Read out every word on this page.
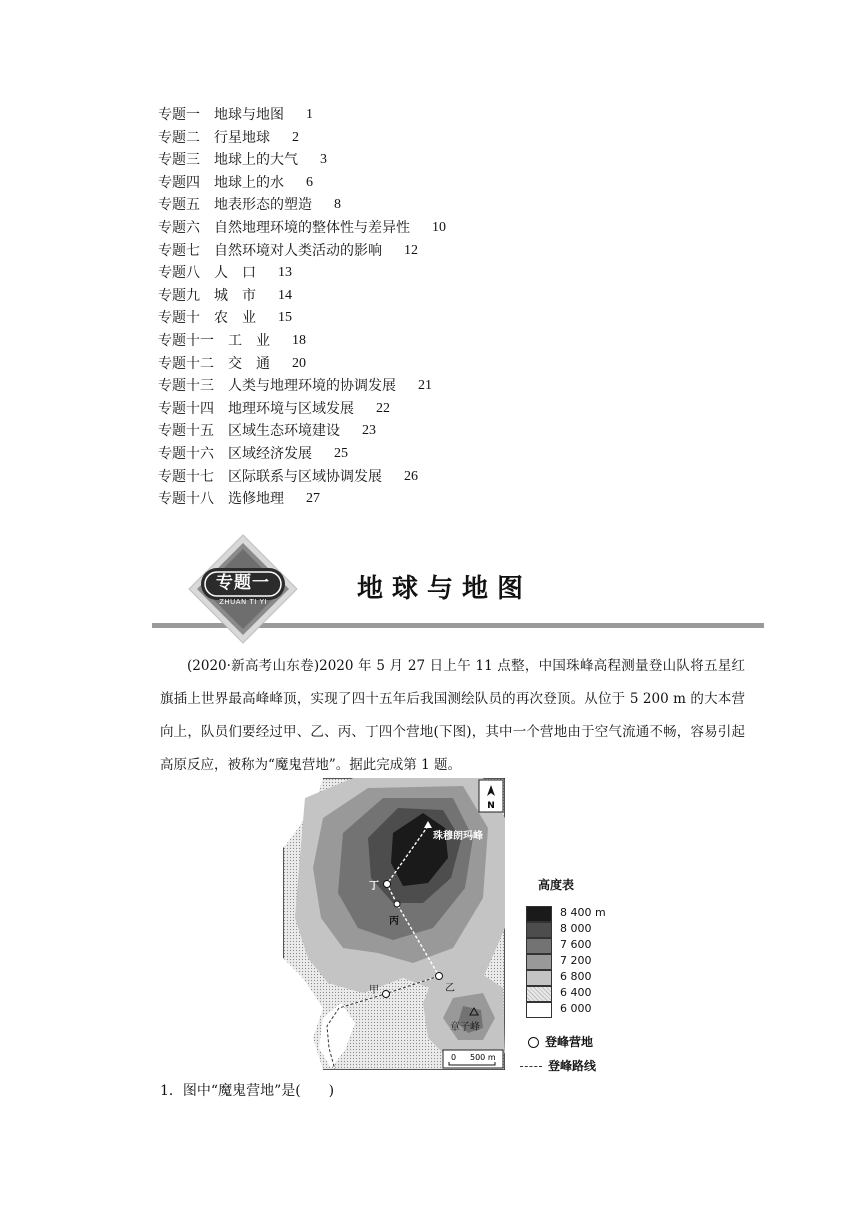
专题一 地球与地图 1
专题二 行星地球 2
专题三 地球上的大气 3
专题四 地球上的水 6
专题五 地表形态的塑造 8
专题六 自然地理环境的整体性与差异性 10
专题七 自然环境对人类活动的影响 12
专题八 人　口 13
专题九 城　市 14
专题十 农　业 15
专题十一 工　业 18
专题十二 交　通 20
专题十三 人类与地理环境的协调发展 21
专题十四 地理环境与区域发展 22
专题十五 区域生态环境建设 23
专题十六 区域经济发展 25
专题十七 区际联系与区域协调发展 26
专题十八 选修地理 27
专题一
ZHUAN TI YI	地球与地图

(2020·新高考山东卷)2020 年 5 月 27 日上午 11 点整，中国珠峰高程测量登山队将五星红旗插上世界最高峰峰顶，实现了四十五年后我国测绘队员的再次登顶。从位于 5 200 m 的大本营向上，队员们要经过甲、乙、丙、丁四个营地(下图)，其中一个营地由于空气流通不畅，容易引起高原反应，被称为“魔鬼营地”。据此完成第 1 题。

N
珠穆朗玛峰
章子峰
丁
丙
乙
甲
0 500 m
高度表
8 400 m
8 000
7 600
7 200
6 800
6 400
6 000
登峰营地
登峰路线
1．图中“魔鬼营地”是(　　)
